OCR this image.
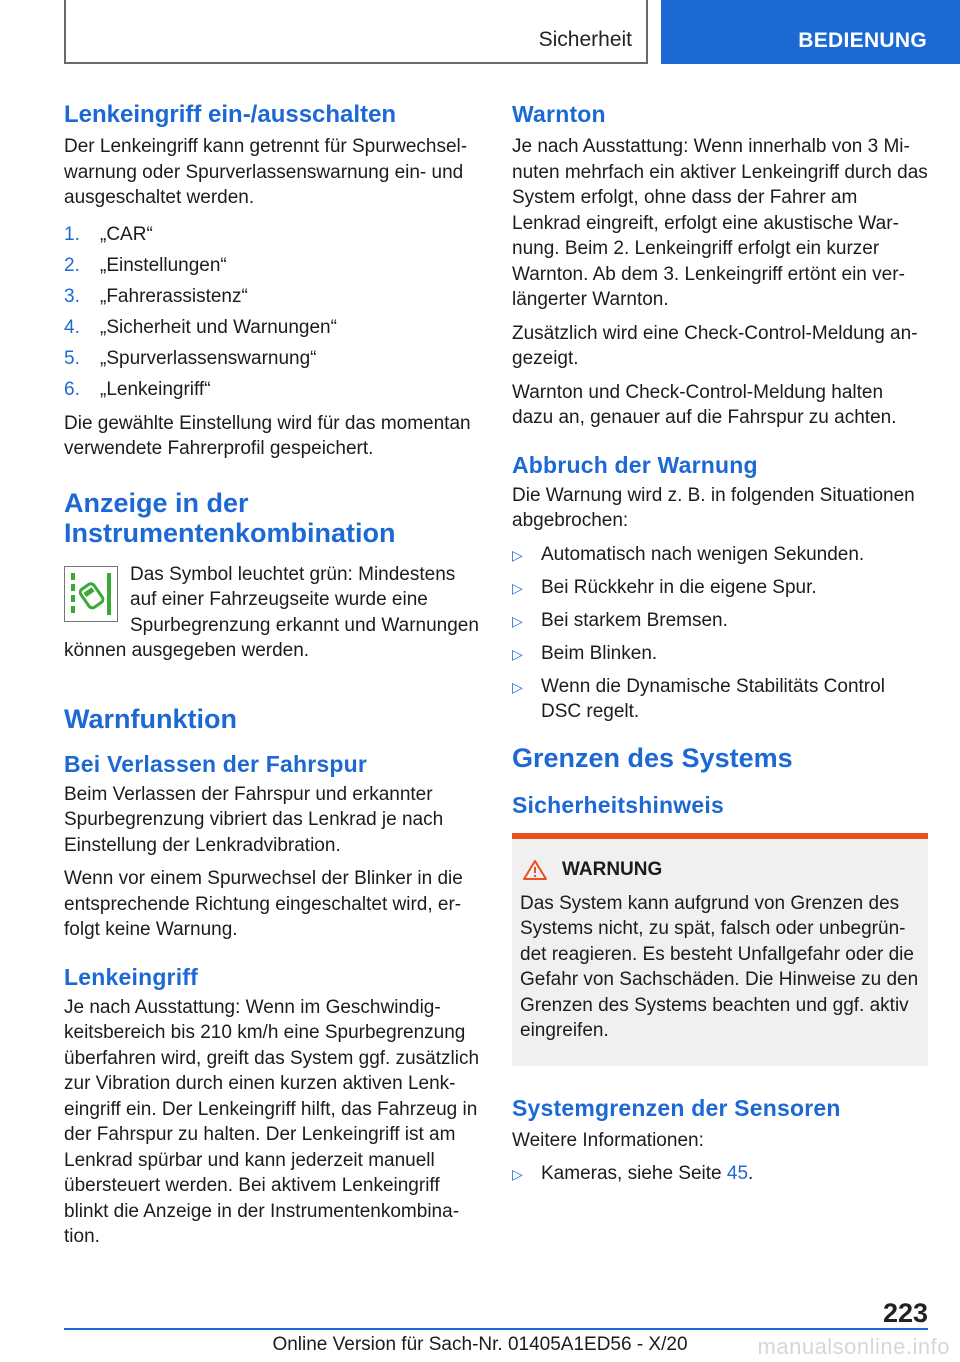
Sicherheit	BEDIENUNG
Lenkeingriff ein-/ausschalten

Der Lenkeingriff kann getrennt für Spurwechselwarnung oder Spurverlassenswarnung ein- und ausgeschaltet werden.

1.	„CAR“
2.	„Einstellungen“
3.	„Fahrerassistenz“
4.	„Sicherheit und Warnungen“
5.	„Spurverlassenswarnung“
6.	„Lenkeingriff“

Die gewählte Einstellung wird für das momentan verwendete Fahrerprofil gespeichert.

Anzeige in der Instrumentenkombination

Das Symbol leuchtet grün: Mindestens auf einer Fahrzeugseite wurde eine Spurbegrenzung erkannt und Warnungen können ausgegeben werden.

Warnfunktion
Bei Verlassen der Fahrspur

Beim Verlassen der Fahrspur und erkannter Spurbegrenzung vibriert das Lenkrad je nach Einstellung der Lenkradvibration.

Wenn vor einem Spurwechsel der Blinker in die entsprechende Richtung eingeschaltet wird, erfolgt keine Warnung.

Lenkeingriff

Je nach Ausstattung: Wenn im Geschwindigkeitsbereich bis 210 km/h eine Spurbegrenzung überfahren wird, greift das System ggf. zusätzlich zur Vibration durch einen kurzen aktiven Lenkeingriff ein. Der Lenkeingriff hilft, das Fahrzeug in der Fahrspur zu halten. Der Lenkeingriff ist am Lenkrad spürbar und kann jederzeit manuell übersteuert werden. Bei aktivem Lenkeingriff blinkt die Anzeige in der Instrumentenkombination.

Warnton

Je nach Ausstattung: Wenn innerhalb von 3 Minuten mehrfach ein aktiver Lenkeingriff durch das System erfolgt, ohne dass der Fahrer am Lenkrad eingreift, erfolgt eine akustische Warnung. Beim 2. Lenkeingriff erfolgt ein kurzer Warnton. Ab dem 3. Lenkeingriff ertönt ein verlängerter Warnton.

Zusätzlich wird eine Check-Control-Meldung angezeigt.

Warnton und Check-Control-Meldung halten dazu an, genauer auf die Fahrspur zu achten.

Abbruch der Warnung

Die Warnung wird z. B. in folgenden Situationen abgebrochen:

▷ Automatisch nach wenigen Sekunden.
▷ Bei Rückkehr in die eigene Spur.
▷ Bei starkem Bremsen.
▷ Beim Blinken.
▷ Wenn die Dynamische Stabilitäts Control DSC regelt.
Grenzen des Systems
Sicherheitshinweis
WARNUNG
Das System kann aufgrund von Grenzen des Systems nicht, zu spät, falsch oder unbegründet reagieren. Es besteht Unfallgefahr oder die Gefahr von Sachschäden. Die Hinweise zu den Grenzen des Systems beachten und ggf. aktiv eingreifen.
Systemgrenzen der Sensoren

Weitere Informationen:

▷ Kameras, siehe Seite 45.
223
Online Version für Sach-Nr. 01405A1ED56 - X/20	manualsonline.info
